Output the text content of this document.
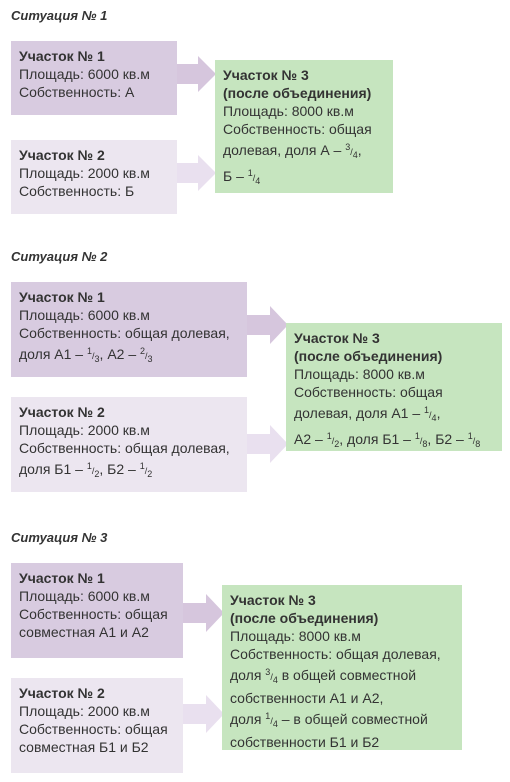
Ситуация № 1
Участок № 1
Площадь: 6000 кв.м
Собственность: А
Участок № 2
Площадь: 2000 кв.м
Собственность: Б
Участок № 3
(после объединения)
Площадь: 8000 кв.м
Собственность: общая
долевая, доля А – $^3/_4$,
Б – $^1/_4$
Ситуация № 2
Участок № 1
Площадь: 6000 кв.м
Собственность: общая долевая,
доля $А1 - ^1/_3$, $А2 - ^2/_3$
Участок № 2
Площадь: 2000 кв.м
Собственность: общая долевая,
доля $Б1 - ^1/_2$, $Б2 - ^1/_2$
Участок № 3
(после объединения)
Площадь: 8000 кв.м
Собственность: общая
долевая, доля $А1 - ^1/_4$,
$А2 - ^1/_2$, доля $Б1 - ^1/_8$, $Б2 - ^1/_8$
Ситуация № 3
Участок № 1
Площадь: 6000 кв.м
Собственность: общая
совместная А1 и А2
Участок № 2
Площадь: 2000 кв.м
Собственность: общая
совместная Б1 и Б2
Участок № 3
(после объединения)
Площадь: 8000 кв.м
Собственность: общая долевая,
доля $^3/_4$ в общей совместной
собственности А1 и А2,
доля $^1/_4$ – в общей совместной
собственности Б1 и Б2
